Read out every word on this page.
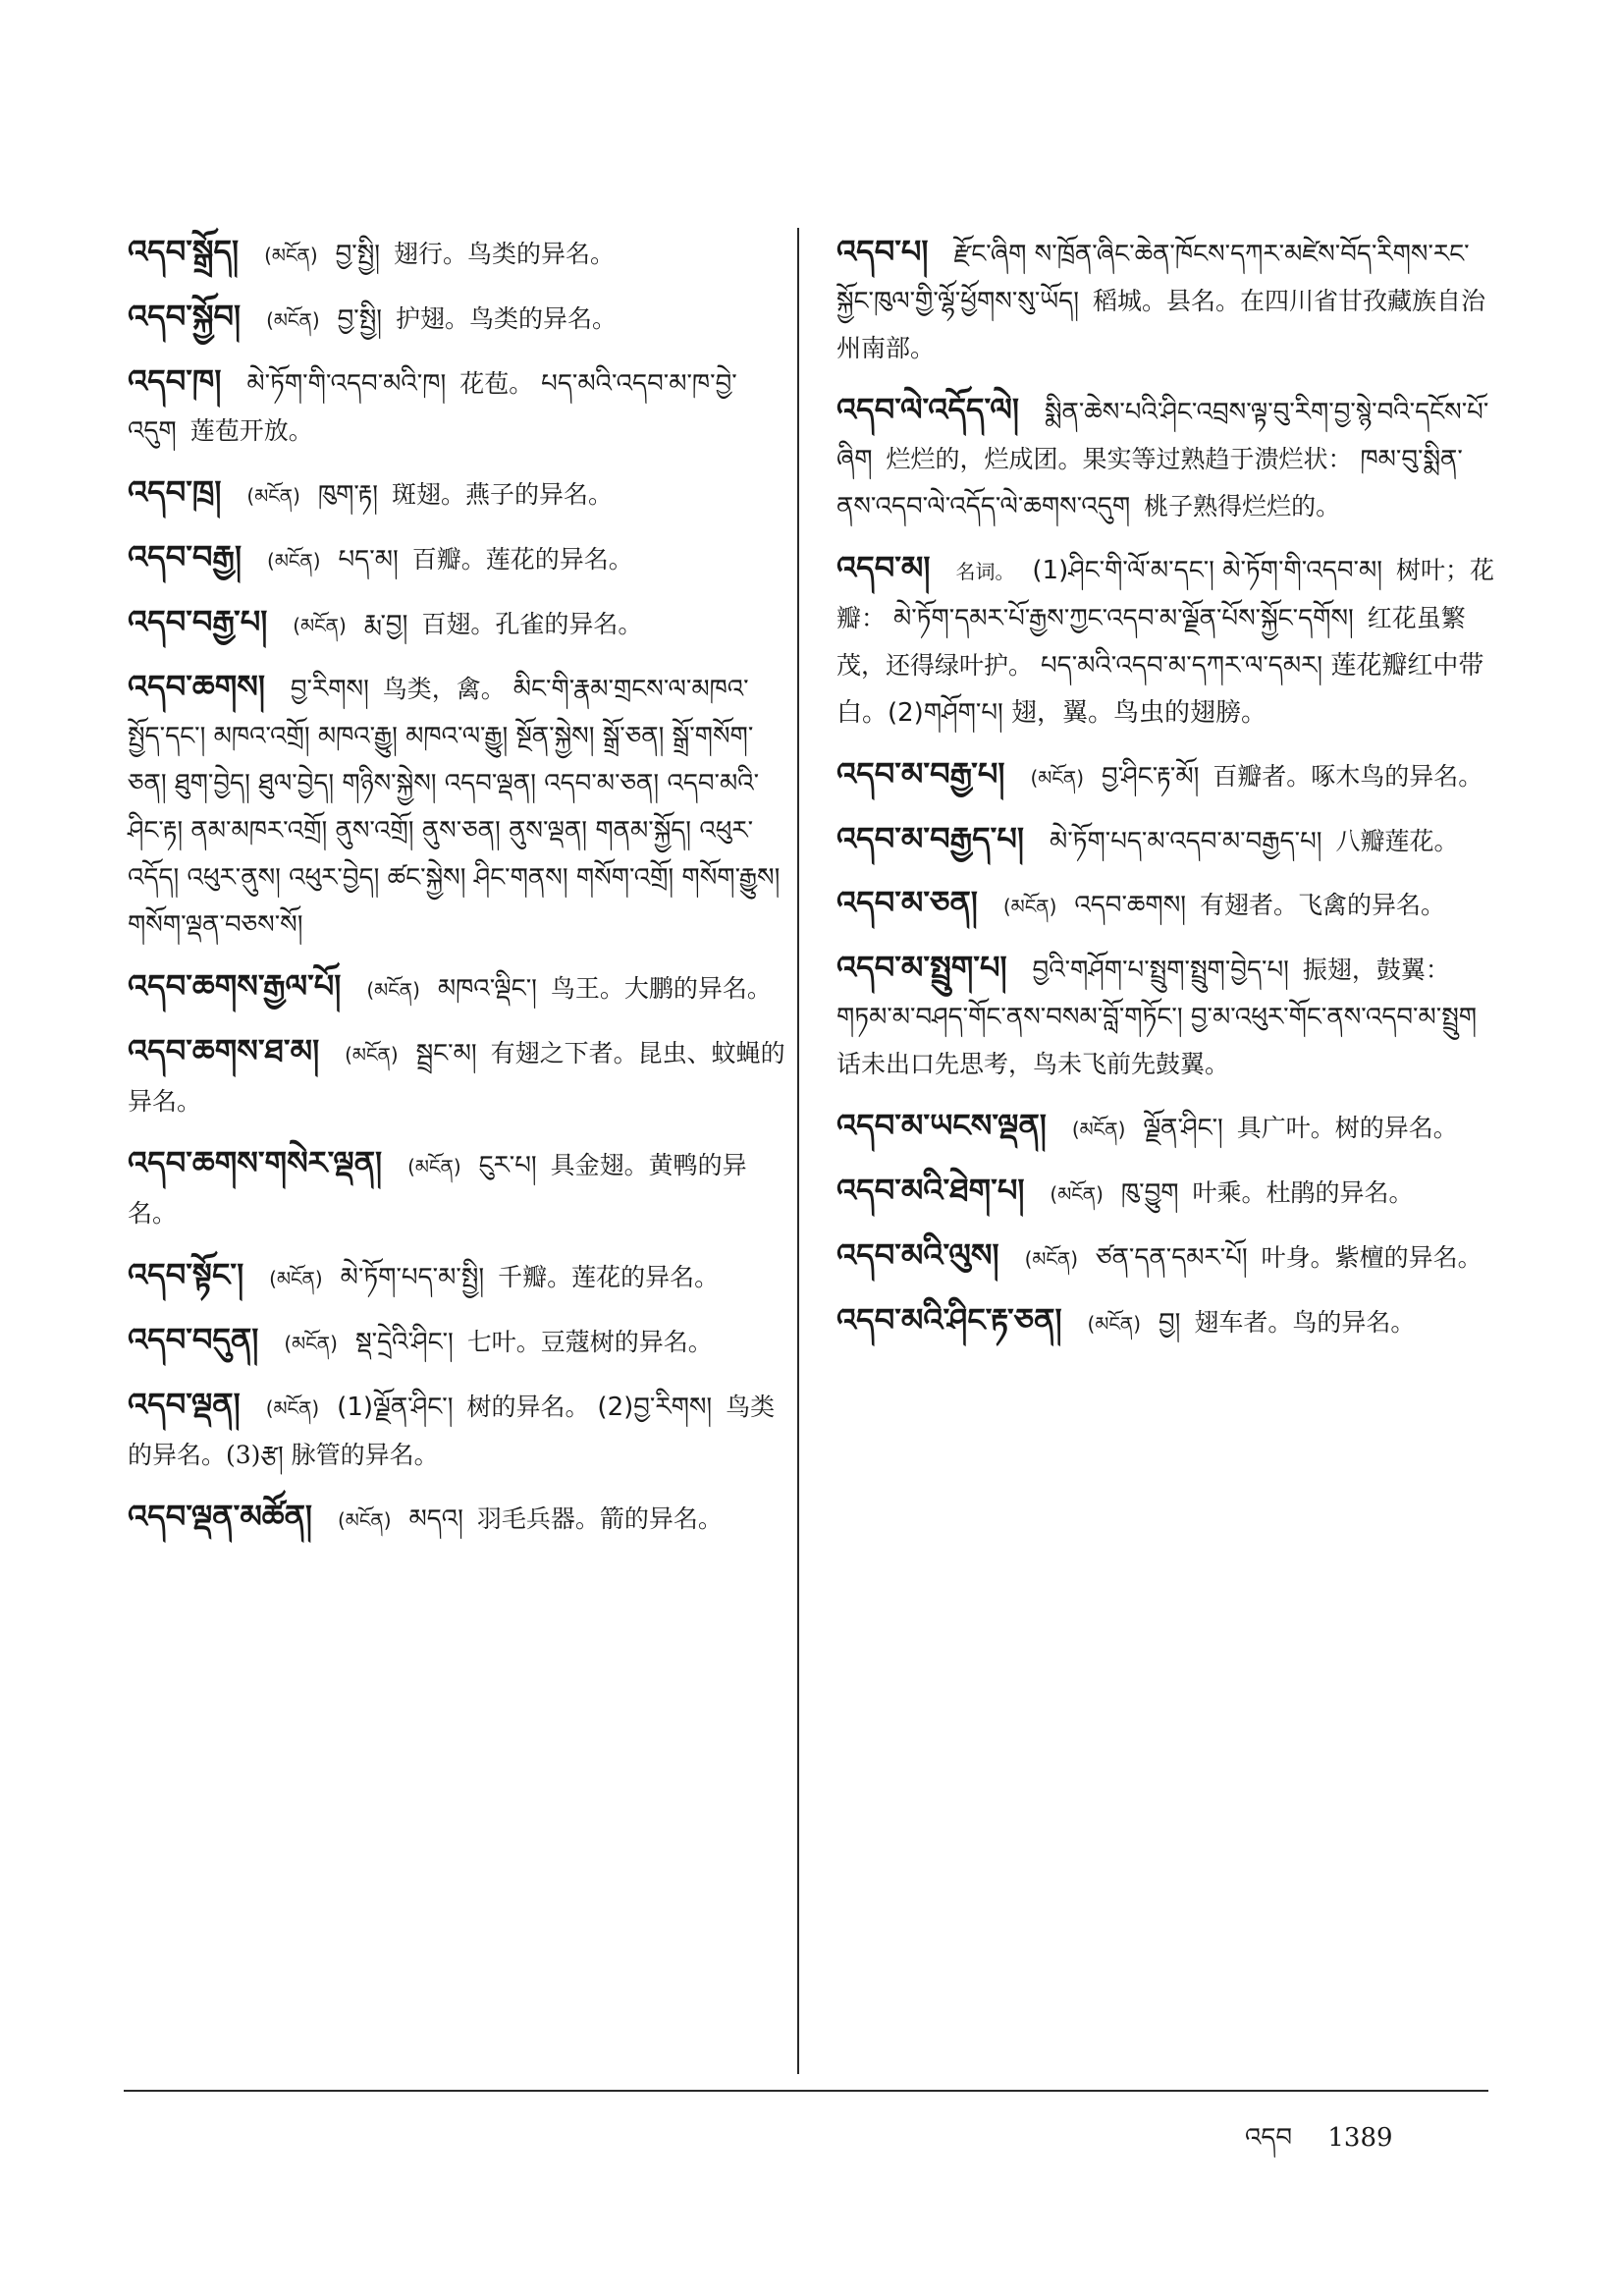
འདབ་སྒྲོད། (མངོན) བྱ་སྤྱི། 翅行。鸟类的异名。
འདབ་སྐྱོབ། (མངོན) བྱ་སྤྱི། 护翅。鸟类的异名。
འདབ་ཁ། མེ་ཏོག་གི་འདབ་མའི་ཁ། 花苞。 པད་མའི་འདབ་མ་ཁ་བྱེ་འདུག 莲苞开放。
འདབ་ཁྲ། (མངོན) ཁུག་རྟ། 斑翅。燕子的异名。
འདབ་བརྒྱ། (མངོན) པད་མ། 百瓣。莲花的异名。
འདབ་བརྒྱ་པ། (མངོན) རྨ་བྱ། 百翅。孔雀的异名。
འདབ་ཆགས། བྱ་རིགས། 鸟类，禽。 མིང་གི་རྣམ་གྲངས་ལ་མཁའ་སྤྱོད་དང་། མཁའ་འགྲོ། མཁའ་རྒྱུ། མཁའ་ལ་རྒྱུ། སྔོན་སྐྱེས། སྒྲོ་ཅན། སྒྲོ་གསོག་ཅན། ཐུག་བྱེད། ཐུལ་བྱེད། གཉིས་སྐྱེས། འདབ་ལྡན། འདབ་མ་ཅན། འདབ་མའི་ཤིང་རྟ། ནམ་མཁར་འགྲོ། ནུས་འགྲོ། ནུས་ཅན། ནུས་ལྡན། གནམ་སྐྱོད། འཕུར་འདོད། འཕུར་ནུས། འཕུར་བྱེད། ཚང་སྐྱེས། ཤིང་གནས། གསོག་འགྲོ། གསོག་རྒྱུས། གསོག་ལྡན་བཅས་སོ།
འདབ་ཆགས་རྒྱལ་པོ། (མངོན) མཁའ་ལྡིང་། 鸟王。大鹏的异名。
འདབ་ཆགས་ཐ་མ། (མངོན) སྦྲང་མ། 有翅之下者。昆虫、蚊蝇的异名。
འདབ་ཆགས་གསེར་ལྡན། (མངོན) ངུར་པ། 具金翅。黄鸭的异名。
འདབ་སྟོང་། (མངོན) མེ་ཏོག་པད་མ་སྤྱི། 千瓣。莲花的异名。
འདབ་བདུན། (མངོན) སྡ་དྲེའི་ཤིང་། 七叶。豆蔻树的异名。
འདབ་ལྡན། (མངོན) (1)ལྗོན་ཤིང་། 树的异名。 (2)བྱ་རིགས། 鸟类的异名。(3)རྩ། 脉管的异名。
འདབ་ལྡན་མཚོན། (མངོན) མདའ། 羽毛兵器。箭的异名。
འདབ་པ། རྫོང་ཞིག ས་ཁྲོན་ཞིང་ཆེན་ཁོངས་དཀར་མཛེས་བོད་རིགས་རང་སྐྱོང་ཁུལ་གྱི་ལྷོ་ཕྱོགས་སུ་ཡོད། 稻城。县名。在四川省甘孜藏族自治州南部。
འདབ་ལེ་འདོད་ལེ། སྨིན་ཆེས་པའི་ཤིང་འབྲས་ལྟ་བུ་རིག་བྱ་སྙེ་བའི་དངོས་པོ་ཞིག 烂烂的，烂成团。果实等过熟趋于溃烂状： ཁམ་བུ་སྨིན་ནས་འདབ་ལེ་འདོད་ལེ་ཆགས་འདུག 桃子熟得烂烂的。
འདབ་མ། 名词。 (1)ཤིང་གི་ལོ་མ་དང་། མེ་ཏོག་གི་འདབ་མ། 树叶；花瓣： མེ་ཏོག་དམར་པོ་རྒྱས་ཀྱང་འདབ་མ་ལྗོན་པོས་སྐྱོང་དགོས། 红花虽繁茂，还得绿叶护。 པད་མའི་འདབ་མ་དཀར་ལ་དམར། 莲花瓣红中带白。(2)གཤོག་པ། 翅，翼。鸟虫的翅膀。
འདབ་མ་བརྒྱ་པ། (མངོན) བྱ་ཤིང་རྟ་མོ། 百瓣者。啄木鸟的异名。
འདབ་མ་བརྒྱད་པ། མེ་ཏོག་པད་མ་འདབ་མ་བརྒྱད་པ། 八瓣莲花。
འདབ་མ་ཅན། (མངོན) འདབ་ཆགས། 有翅者。飞禽的异名。
འདབ་མ་སྤྲུག་པ། བྱའི་གཤོག་པ་སྤྲུག་སྤྲུག་བྱེད་པ། 振翅，鼓翼： གཏམ་མ་བཤད་གོང་ནས་བསམ་བློ་གཏོང་། བྱ་མ་འཕུར་གོང་ནས་འདབ་མ་སྤྲུག 话未出口先思考，鸟未飞前先鼓翼。
འདབ་མ་ཡངས་ལྡན། (མངོན) ལྗོན་ཤིང་། 具广叶。树的异名。
འདབ་མའི་ཐེག་པ། (མངོན) ཁུ་བྱུག 叶乘。杜鹃的异名。
འདབ་མའི་ལུས། (མངོན) ཙན་དན་དམར་པོ། 叶身。紫檀的异名。
འདབ་མའི་ཤིང་རྟ་ཅན། (མངོན) བྱ། 翅车者。鸟的异名。
འདབ 1389
